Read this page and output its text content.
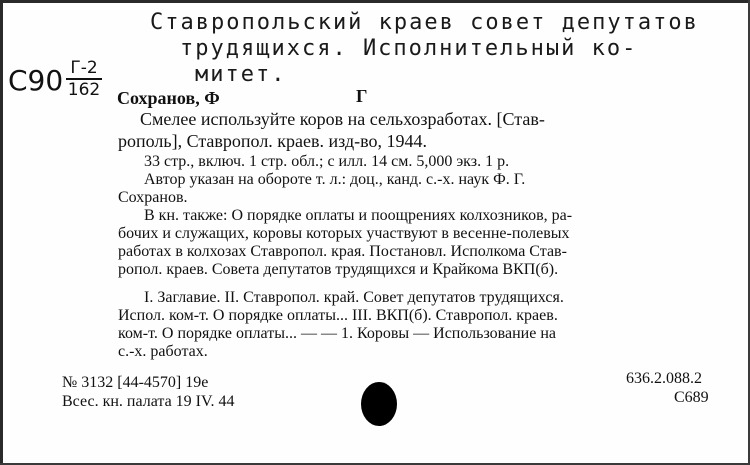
Ставропольский краев совет депутатов
трудящихся. Исполнительный ко-
митет.
С90 Г-2
162 Сохранов, Ф	Г
Смелее используйте коров на сельхозработах. [Став-
рополь], Ставропол. краев. изд-во, 1944.
33 стр., включ. 1 стр. обл.; с илл. 14 см. 5,000 экз. 1 р.
Автор указан на обороте т. л.: доц., канд. с.-х. наук Ф. Г.
Сохранов.
В кн. также: О порядке оплаты и поощрениях колхозников, ра-
бочих и служащих, коровы которых участвуют в весенне-полевых
работах в колхозах Ставропол. края. Постановл. Исполкома Став-
ропол. краев. Совета депутатов трудящихся и Крайкома ВКП(б).
I. Заглавие. II. Ставропол. край. Совет депутатов трудящихся.
Испол. ком-т. О порядке оплаты... III. ВКП(б). Ставропол. краев.
ком-т. О порядке оплаты... — — 1. Коровы — Использование на
с.-х. работах.
№ 3132 [44-4570] 19e
Всес. кн. палата 19 IV. 44
636.2.088.2
С689
